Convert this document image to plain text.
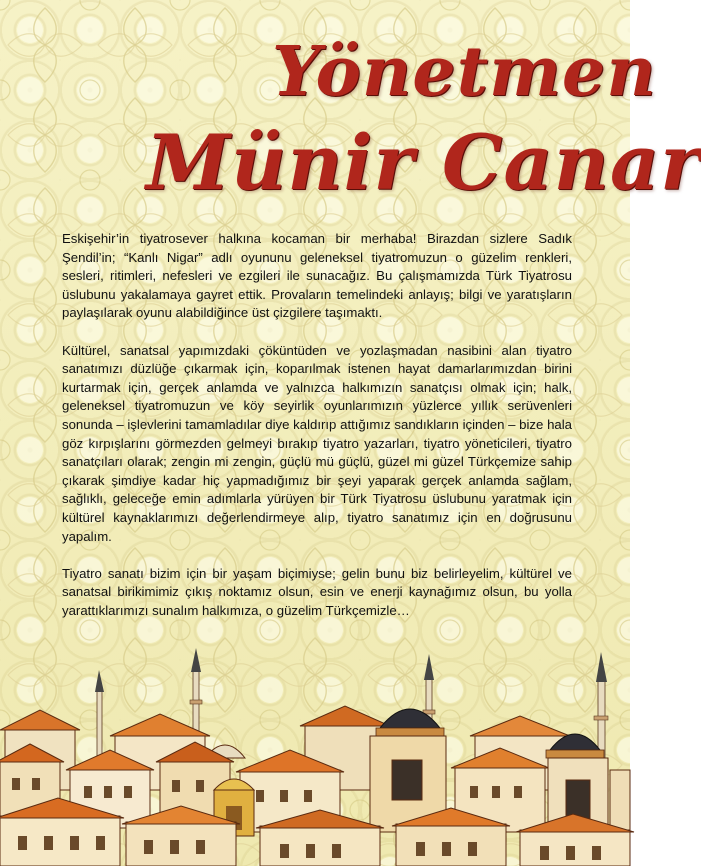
Yönetmen
Münir Canar

Eskişehir’in tiyatrosever halkına kocaman bir merhaba! Birazdan sizlere Sadık Şendil’in; “Kanlı Nigar” adlı oyununu geleneksel tiyatromuzun o güzelim renkleri, sesleri, ritimleri, nefesleri ve ezgileri ile sunacağız. Bu çalışmamızda Türk Tiyatrosu üslubunu yakalamaya gayret ettik. Provaların temelindeki anlayış; bilgi ve yaratışların paylaşılarak oyunu alabildiğince üst çizgilere taşımaktı.

Kültürel, sanatsal yapımızdaki çöküntüden ve yozlaşmadan nasibini alan tiyatro sanatımızı düzlüğe çıkarmak için, koparılmak istenen hayat damarlarımızdan birini kurtarmak için, gerçek anlamda ve yalnızca halkımızın sanatçısı olmak için; halk, geleneksel tiyatromuzun ve köy seyirlik oyunlarımızın yüzlerce yıllık serüvenleri sonunda – işlevlerini tamamladılar diye kaldırıp attığımız sandıkların içinden – bize hala göz kırpışlarını görmezden gelmeyi bırakıp tiyatro yazarları, tiyatro yöneticileri, tiyatro sanatçıları olarak; zengin mi zengin, güçlü mü güçlü, güzel mi güzel Türkçemize sahip çıkarak şimdiye kadar hiç yapmadığımız bir şeyi yaparak gerçek anlamda sağlam, sağlıklı, geleceğe emin adımlarla yürüyen bir Türk Tiyatrosu üslubunu yaratmak için kültürel kaynaklarımızı değerlendirmeye alıp, tiyatro sanatımız için en doğrusunu yapalım.

Tiyatro sanatı bizim için bir yaşam biçimiyse; gelin bunu biz belirleyelim, kültürel ve sanatsal birikimimiz çıkış noktamız olsun, esin ve enerji kaynağımız olsun, bu yolla yarattıklarımızı sunalım halkımıza, o güzelim Türkçemizle…
